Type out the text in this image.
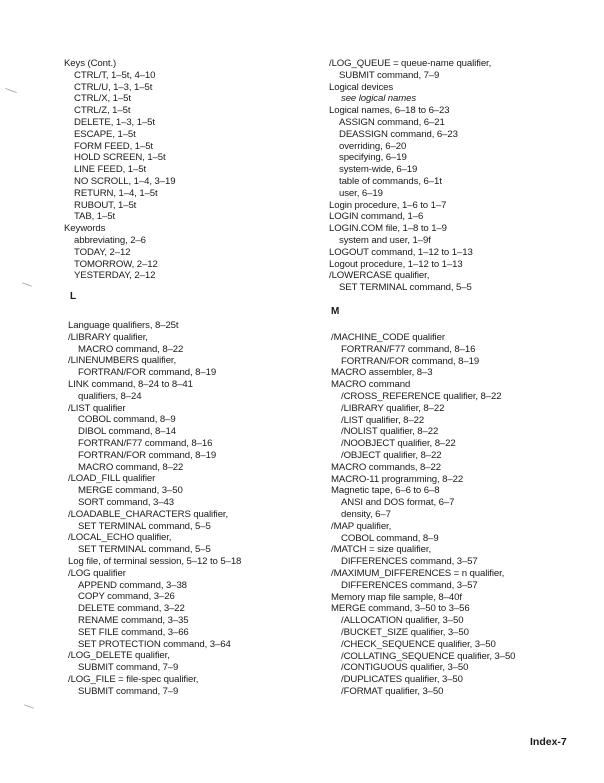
Keys (Cont.)
CTRL/T, 1–5t, 4–10
CTRL/U, 1–3, 1–5t
CTRL/X, 1–5t
CTRL/Z, 1–5t
DELETE, 1–3, 1–5t
ESCAPE, 1–5t
FORM FEED, 1–5t
HOLD SCREEN, 1–5t
LINE FEED, 1–5t
NO SCROLL, 1–4, 3–19
RETURN, 1–4, 1–5t
RUBOUT, 1–5t
TAB, 1–5t
Keywords
abbreviating, 2–6
TODAY, 2–12
TOMORROW, 2–12
YESTERDAY, 2–12
L
Language qualifiers, 8–25t
/LIBRARY qualifier,
MACRO command, 8–22
/LINENUMBERS qualifier,
FORTRAN/FOR command, 8–19
LINK command, 8–24 to 8–41
qualifiers, 8–24
/LIST qualifier
COBOL command, 8–9
DIBOL command, 8–14
FORTRAN/F77 command, 8–16
FORTRAN/FOR command, 8–19
MACRO command, 8–22
/LOAD_FILL qualifier
MERGE command, 3–50
SORT command, 3–43
/LOADABLE_CHARACTERS qualifier,
SET TERMINAL command, 5–5
/LOCAL_ECHO qualifier,
SET TERMINAL command, 5–5
Log file, of terminal session, 5–12 to 5–18
/LOG qualifier
APPEND command, 3–38
COPY command, 3–26
DELETE command, 3–22
RENAME command, 3–35
SET FILE command, 3–66
SET PROTECTION command, 3–64
/LOG_DELETE qualifier,
SUBMIT command, 7–9
/LOG_FILE = file-spec qualifier,
SUBMIT command, 7–9
/LOG_QUEUE = queue-name qualifier,
SUBMIT command, 7–9
Logical devices
see logical names
Logical names, 6–18 to 6–23
ASSIGN command, 6–21
DEASSIGN command, 6–23
overriding, 6–20
specifying, 6–19
system-wide, 6–19
table of commands, 6–1t
user, 6–19
Login procedure, 1–6 to 1–7
LOGIN command, 1–6
LOGIN.COM file, 1–8 to 1–9
system and user, 1–9f
LOGOUT command, 1–12 to 1–13
Logout procedure, 1–12 to 1–13
/LOWERCASE qualifier,
SET TERMINAL command, 5–5
M
/MACHINE_CODE qualifier
FORTRAN/F77 command, 8–16
FORTRAN/FOR command, 8–19
MACRO assembler, 8–3
MACRO command
/CROSS_REFERENCE qualifier, 8–22
/LIBRARY qualifier, 8–22
/LIST qualifier, 8–22
/NOLIST qualifier, 8–22
/NOOBJECT qualifier, 8–22
/OBJECT qualifier, 8–22
MACRO commands, 8–22
MACRO-11 programming, 8–22
Magnetic tape, 6–6 to 6–8
ANSI and DOS format, 6–7
density, 6–7
/MAP qualifier,
COBOL command, 8–9
/MATCH = size qualifier,
DIFFERENCES command, 3–57
/MAXIMUM_DIFFERENCES = n qualifier,
DIFFERENCES command, 3–57
Memory map file sample, 8–40f
MERGE command, 3–50 to 3–56
/ALLOCATION qualifier, 3–50
/BUCKET_SIZE qualifier, 3–50
/CHECK_SEQUENCE qualifier, 3–50
/COLLATING_SEQUENCE qualifier, 3–50
/CONTIGUOUS qualifier, 3–50
/DUPLICATES qualifier, 3–50
/FORMAT qualifier, 3–50
Index-7
